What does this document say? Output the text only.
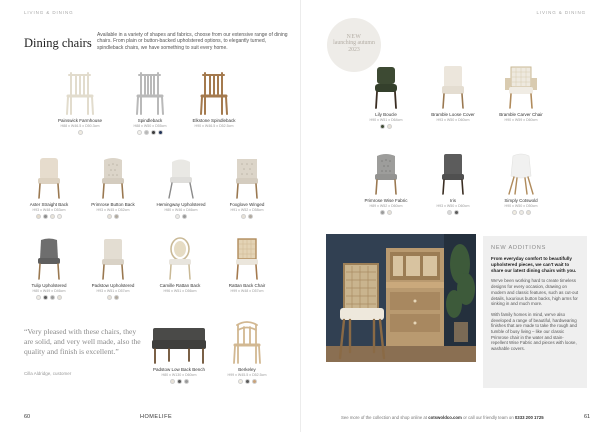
LIVING & DINING
Dining chairs
Available in a variety of shapes and fabrics, choose from our extensive range of dining chairs. From plain or button-backed upholstered options, to elegantly turned, spindleback chairs, we have something to suit every home.
Painswick Farmhouse
H88 x W46.5 x D50.3cm
Spindleback
H88 x W50 x D55cm
Elkstone Spindleback
H90 x W46.5 x D52.5cm
Aster Straight Back
H93 x W48 x D53cm
Primrose Button Back
H93 x W45 x D52cm
Hemingway Upholstered
H80 x W46 x D46cm
Foxglove Winged
H91 x W52 x D58cm
Tulip Upholstered
H80 x W49 x D46cm
Padstow Upholstered
H93 x W51 x D57cm
Camille Rattan Back
H96 x W51 x D56cm
Rattan Back Chair
H99 x W48 x D57cm
Padstow Low Back Bench
H80 x W130 x D60cm
Berkeley
H99 x W45.5 x D52.5cm
“Very pleased with these chairs, they are solid, and very well made, also the quality and finish is excellent.”
Cilla Aldridge, customer
60	HOMELIFE
LIVING & DINING
NEW
launching autumn 2023
Lily Boucle
H90 x W51 x D64cm
Bramble Loose Cover
H93 x W50 x D60cm
Bramble Carver Chair
H90 x W59 x D60cm
Primrose Wise Fabric
H89 x W52 x D60cm
Iris
H93 x W50 x D60cm
Simply Cotswold
H90 x W50 x D50cm
NEW ADDITIONS
From everyday comfort to beautifully upholstered pieces, we can't wait to share our latest dining chairs with you.
We've been working hard to create timeless designs for every occasion, drawing on modern and classic features, such as cut-out details, luxurious button backs, high arms for sinking in and much more.
With family homes in mind, we've also developed a range of beautiful, hardwearing finishes that are made to take the rough and tumble of busy living – like our classic Primrose chair in the water and stain-repellent Wise Fabric and pieces with loose, washable covers.
See more of the collection and shop online at cotswoldco.com or call our friendly team on 0333 200 1725	61
